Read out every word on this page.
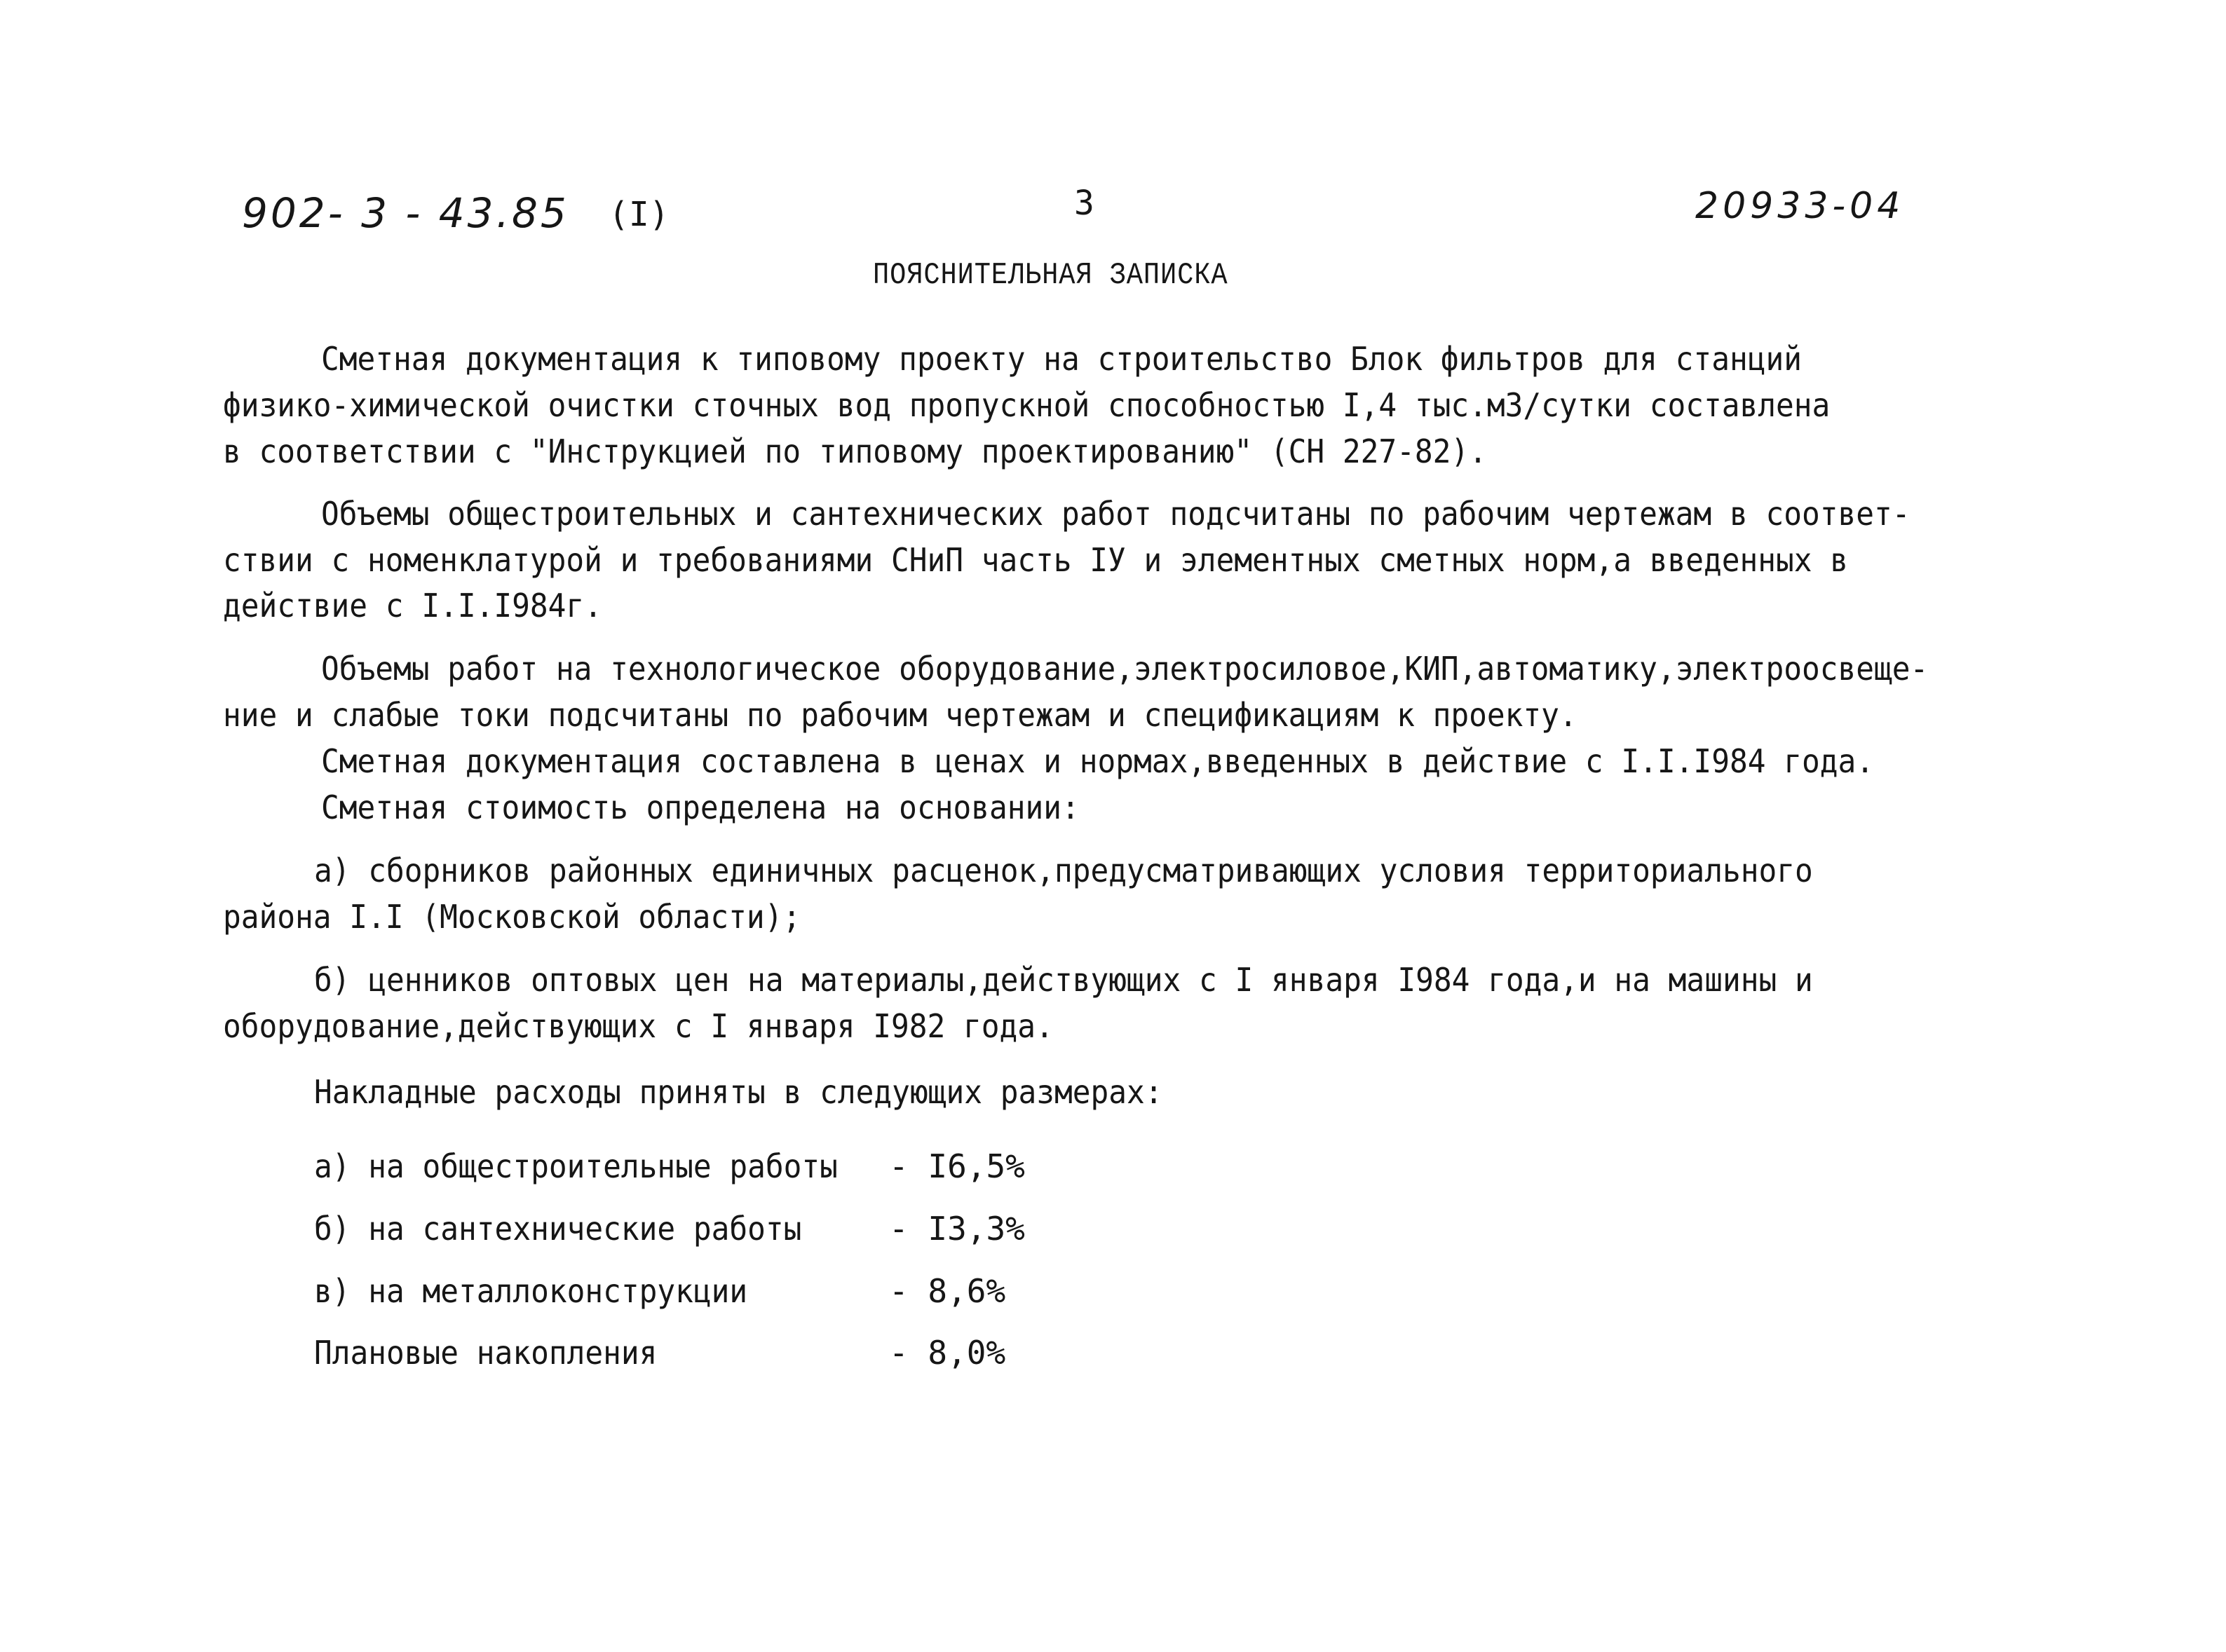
902- 3 - 43.85 (I)	3	20933-04
ПОЯСНИТЕЛЬНАЯ ЗАПИСКА
Сметная документация к типовому проекту на строительство Блок фильтров для станций
физико-химической очистки сточных вод пропускной способностью I,4 тыс.м3/сутки составлена
в соответствии с "Инструкцией по типовому проектированию" (СН 227-82).
Объемы общестроительных и сантехнических работ подсчитаны по рабочим чертежам в соответ-
ствии с номенклатурой и требованиями СНиП часть IУ и элементных сметных норм,а введенных в
действие с I.I.I984г.
Объемы работ на технологическое оборудование,электросиловое,КИП,автоматику,электроосвеще-
ние и слабые токи подсчитаны по рабочим чертежам и спецификациям к проекту.
Сметная документация составлена в ценах и нормах,введенных в действие с I.I.I984 года.
Сметная стоимость определена на основании:
а) сборников районных единичных расценок,предусматривающих условия территориального
района I.I (Московской области);
б) ценников оптовых цен на материалы,действующих с I января I984 года,и на машины и
оборудование,действующих с I января I982 года.
Накладные расходы приняты в следующих размерах:
а) на общестроительные работы - I6,5%
б) на сантехнические работы	- I3,3%
в) на металлоконструкции	- 8,6%
Плановые накопления	- 8,0%
